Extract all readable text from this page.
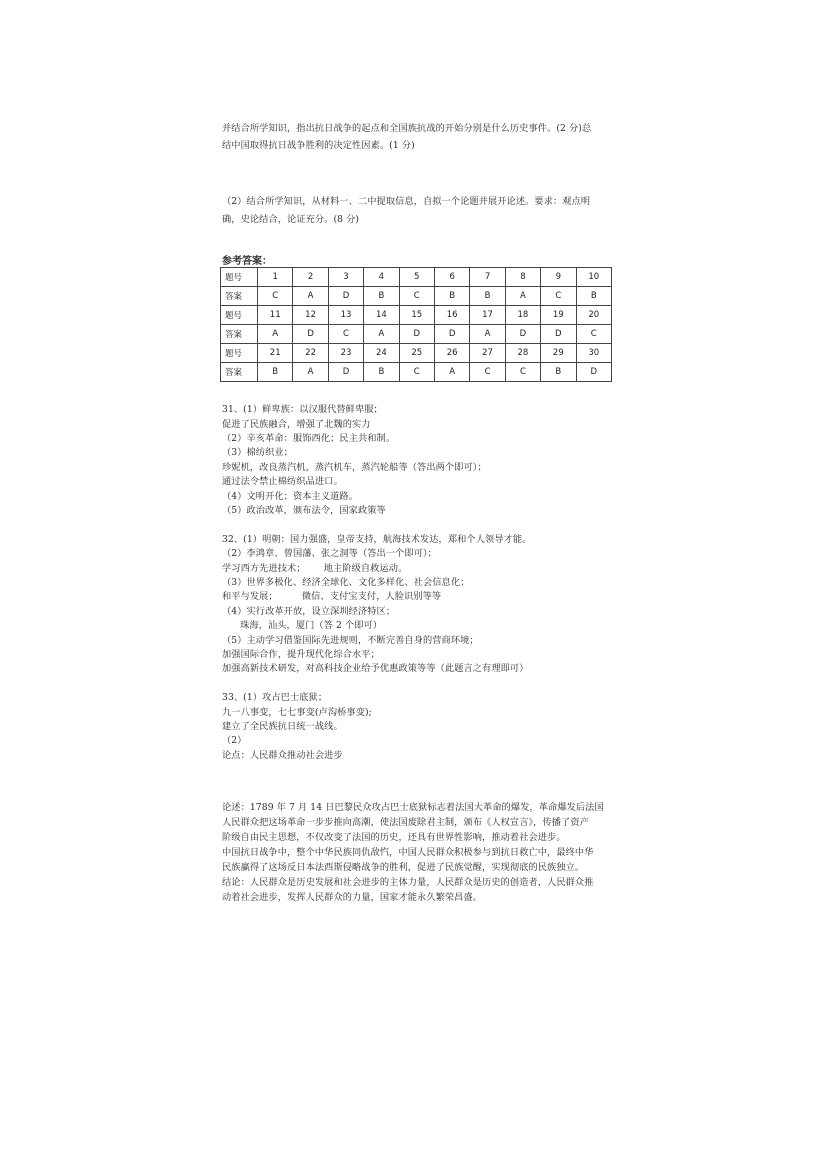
并结合所学知识，指出抗日战争的起点和全国族抗战的开始分别是什么历史事件。(2 分)总
结中国取得抗日战争胜利的决定性因素。(1 分)
（2）结合所学知识，从材料一、二中提取信息，自拟一个论题并展开论述。要求：观点明
确，史论结合，论证充分。(8 分)
参考答案：
题号	1	2	3	4	5	6	7	8	9	10
答案	C	A	D	B	C	B	B	A	C	B
题号	11	12	13	14	15	16	17	18	19	20
答案	A	D	C	A	D	D	A	D	D	C
题号	21	22	23	24	25	26	27	28	29	30
答案	B	A	D	B	C	A	C	C	B	D
31、(1）鲜卑族：以汉服代替鲜卑服；
促进了民族融合，增强了北魏的实力
（2）辛亥革命：服饰西化；民主共和制。
（3）棉纺织业；
珍妮机，改良蒸汽机，蒸汽机车，蒸汽轮船等（答出两个即可）；
通过法令禁止棉纺织品进口。
（4）文明开化；资本主义道路。
（5）政治改革，颁布法令，国家政策等
32、(1）明朝：国力强盛，皇帝支持，航海技术发达，郑和个人领导才能。
（2）李鸿章、曾国藩、张之洞等（答出一个即可）；
学习西方先进技术；      地主阶级自救运动。
（3）世界多极化、经济全球化、文化多样化、社会信息化；
和平与发展；        微信、支付宝支付，人脸识别等等
（4）实行改革开放，设立深圳经济特区；
珠海，汕头，厦门（答 2 个即可）
（5）主动学习借鉴国际先进规则，不断完善自身的营商环境；
加强国际合作，提升现代化综合水平；
加强高新技术研发，对高科技企业给予优惠政策等等（此题言之有理即可）
33、(1）攻占巴士底狱；
九一八事变，七七事变(卢沟桥事变);
建立了全民族抗日统一战线。
（2）
论点：人民群众推动社会进步
论述：1789 年 7 月 14 日巴黎民众攻占巴士底狱标志着法国大革命的爆发，革命爆发后法国
人民群众把这场革命一步步推向高潮，使法国废除君主制，颁布《人权宣言》，传播了资产
阶级自由民主思想，不仅改变了法国的历史，还具有世界性影响，推动着社会进步。
中国抗日战争中，整个中华民族同仇敌忾，中国人民群众积极参与到抗日救亡中，最终中华
民族赢得了这场反日本法西斯侵略战争的胜利，促进了民族觉醒，实现彻底的民族独立。
结论：人民群众是历史发展和社会进步的主体力量，人民群众是历史的创造者，人民群众推
动着社会进步，发挥人民群众的力量，国家才能永久繁荣昌盛。
